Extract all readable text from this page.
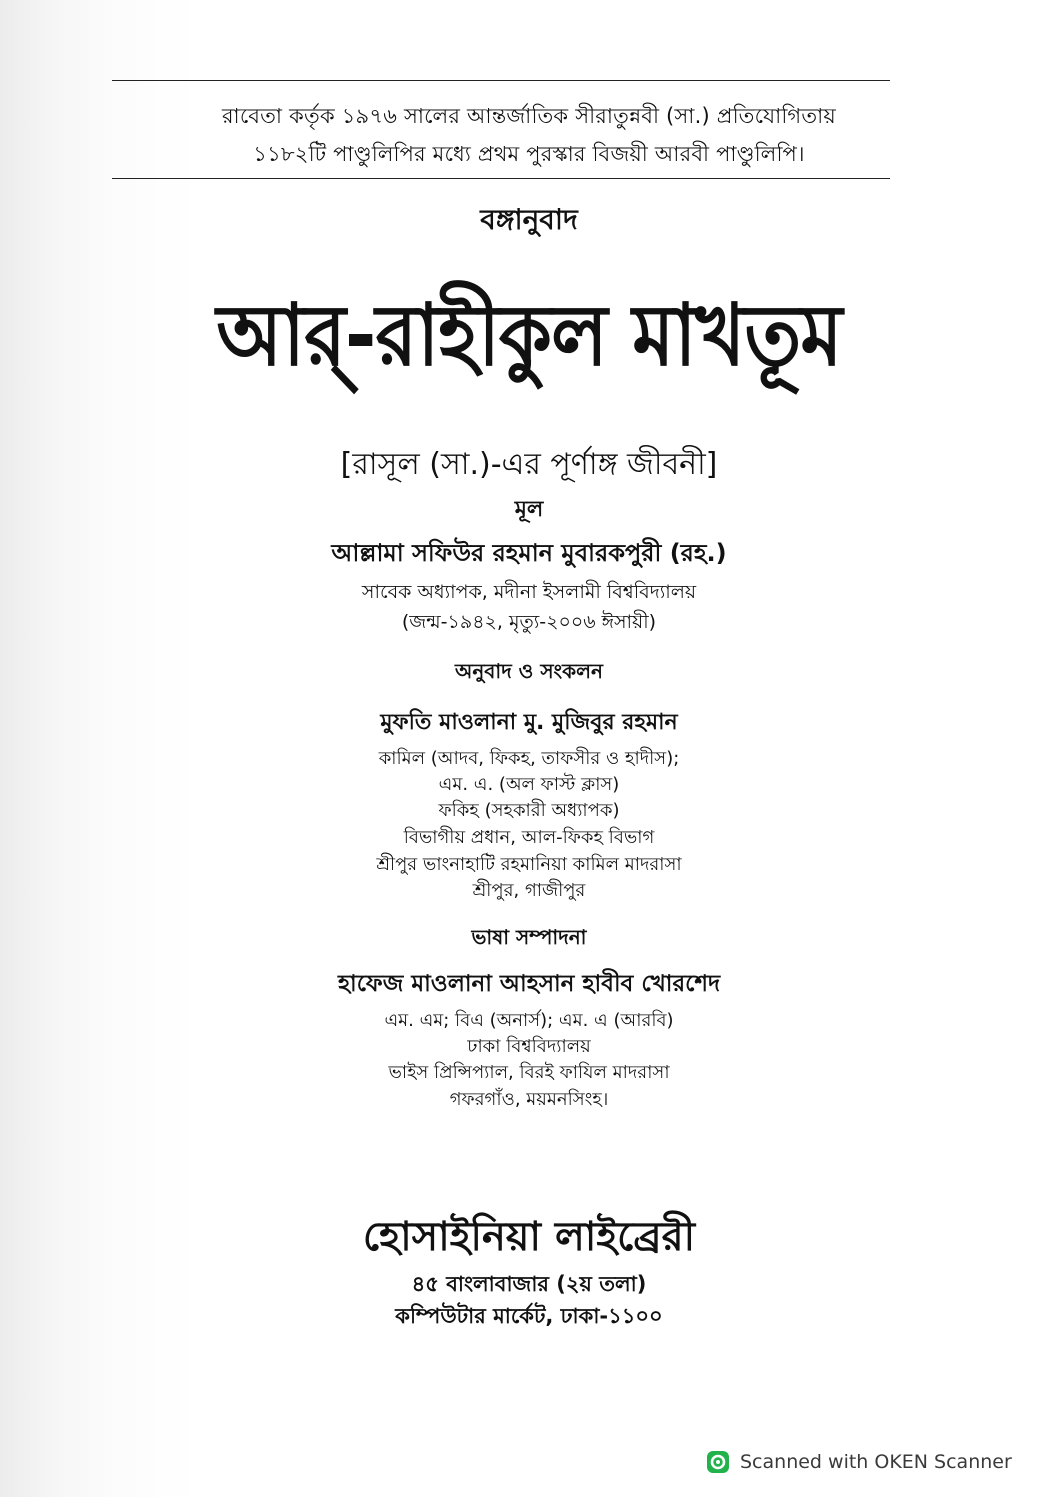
রাবেতা কর্তৃক ১৯৭৬ সালের আন্তর্জাতিক সীরাতুন্নবী (সা.) প্রতিযোগিতায়
১১৮২টি পাণ্ডুলিপির মধ্যে প্রথম পুরস্কার বিজয়ী আরবী পাণ্ডুলিপি।
বঙ্গানুবাদ
আর্-রাহীকুল মাখতূম
[রাসূল (সা.)-এর পূর্ণাঙ্গ জীবনী]
মূল
আল্লামা সফিউর রহমান মুবারকপুরী (রহ.)
সাবেক অধ্যাপক, মদীনা ইসলামী বিশ্ববিদ্যালয়
(জন্ম-১৯৪২, মৃত্যু-২০০৬ ঈসায়ী)
অনুবাদ ও সংকলন
মুফতি মাওলানা মু. মুজিবুর রহমান
কামিল (আদব, ফিকহ, তাফসীর ও হাদীস);
এম. এ. (অল ফাস্ট ক্লাস)
ফকিহ (সহকারী অধ্যাপক)
বিভাগীয় প্রধান, আল-ফিকহ বিভাগ
শ্রীপুর ভাংনাহাটি রহমানিয়া কামিল মাদরাসা
শ্রীপুর, গাজীপুর
ভাষা সম্পাদনা
হাফেজ মাওলানা আহসান হাবীব খোরশেদ
এম. এম; বিএ (অনার্স); এম. এ (আরবি)
ঢাকা বিশ্ববিদ্যালয়
ভাইস প্রিন্সিপ্যাল, বিরই ফাযিল মাদরাসা
গফরগাঁও, ময়মনসিংহ।
হোসাইনিয়া লাইব্রেরী
৪৫ বাংলাবাজার (২য় তলা)
কম্পিউটার মার্কেট, ঢাকা-১১০০
Scanned with OKEN Scanner
